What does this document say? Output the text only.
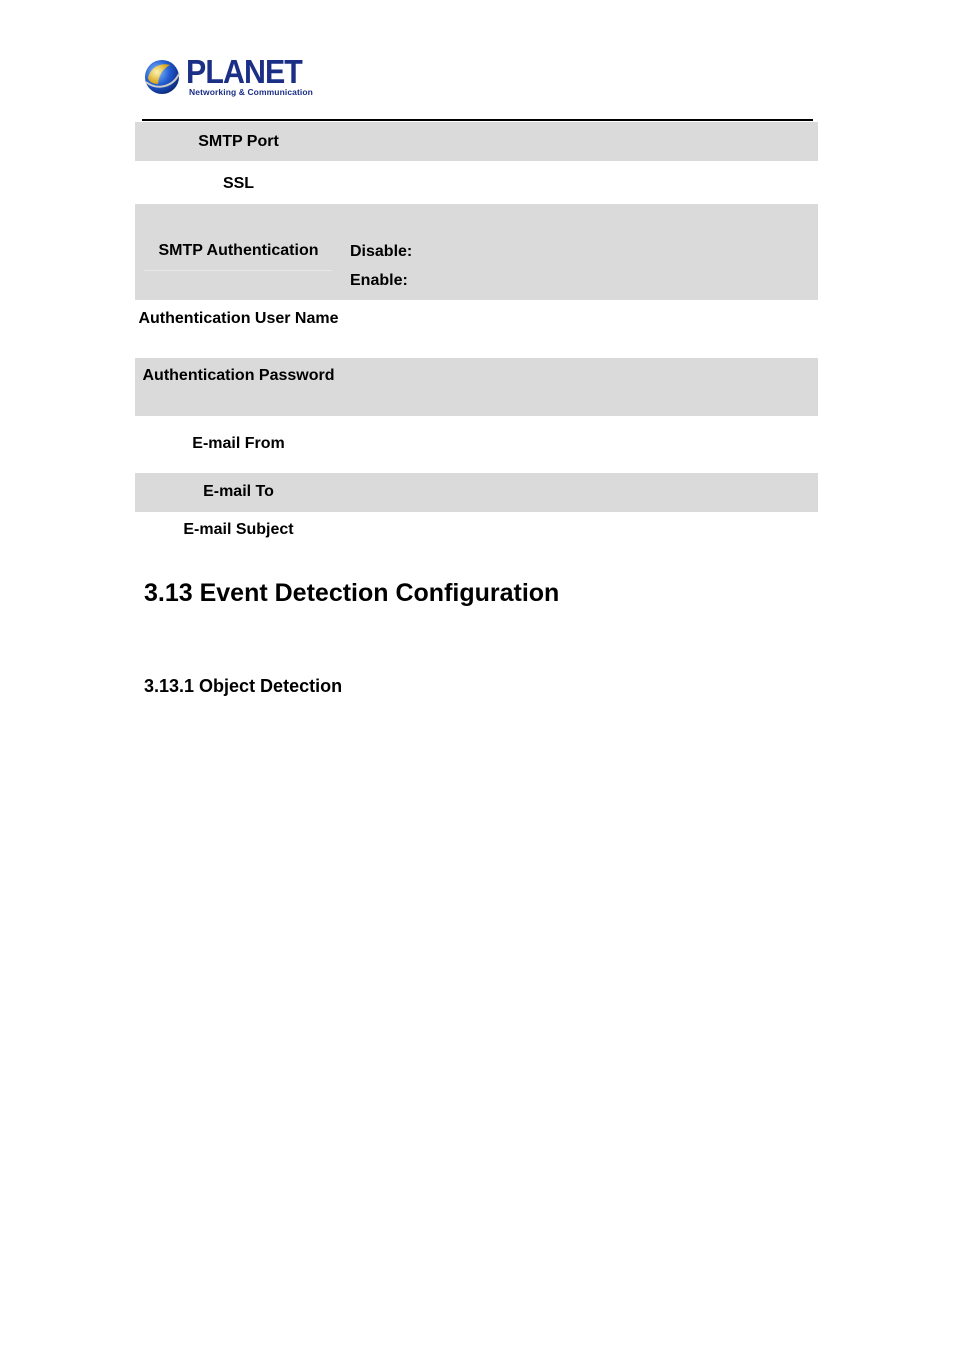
PLANET
Networking & Communication
SMTP Port
SSL
SMTP Authentication	Disable:
Enable:
Authentication User Name
Authentication Password
E-mail From
E-mail To
E-mail Subject
3.13 Event Detection Configuration
3.13.1 Object Detection
